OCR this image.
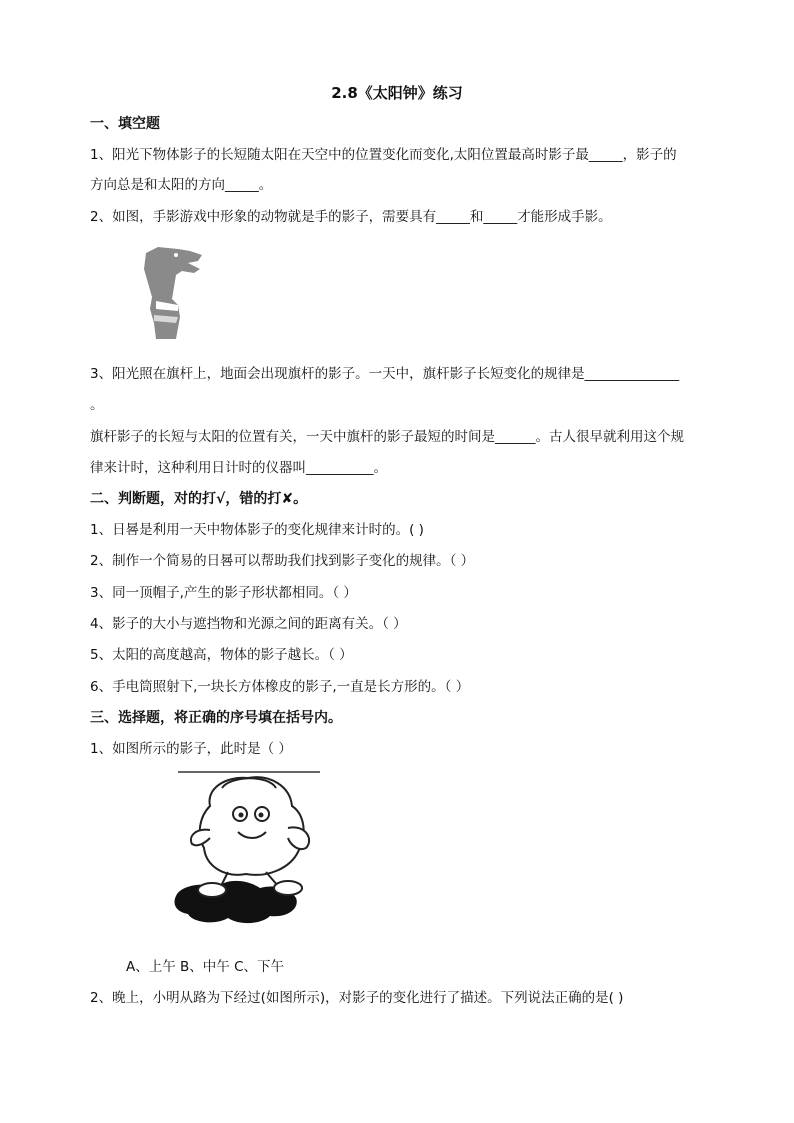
2.8《太阳钟》练习
一、填空题
1、阳光下物体影子的长短随太阳在天空中的位置变化而变化,太阳位置最高时影子最_____，影子的
方向总是和太阳的方向_____。
2、如图，手影游戏中形象的动物就是手的影子，需要具有_____和_____才能形成手影。
3、阳光照在旗杆上，地面会出现旗杆的影子。一天中，旗杆影子长短变化的规律是______________
。
旗杆影子的长短与太阳的位置有关，一天中旗杆的影子最短的时间是______。古人很早就利用这个规
律来计时，这种利用日计时的仪器叫__________。
二、判断题，对的打√，错的打✘。
1、日晷是利用一天中物体影子的变化规律来计时的。( )
2、制作一个简易的日晷可以帮助我们找到影子变化的规律。（ ）
3、同一顶帽子,产生的影子形状都相同。（ ）
4、影子的大小与遮挡物和光源之间的距离有关。（ ）
5、太阳的高度越高，物体的影子越长。（ ）
6、手电筒照射下,一块长方体橡皮的影子,一直是长方形的。（ ）
三、选择题，将正确的序号填在括号内。
1、如图所示的影子，此时是（ ）
A、上午 B、中午 C、下午
2、晚上，小明从路为下经过(如图所示)，对影子的变化进行了描述。下列说法正确的是( )
